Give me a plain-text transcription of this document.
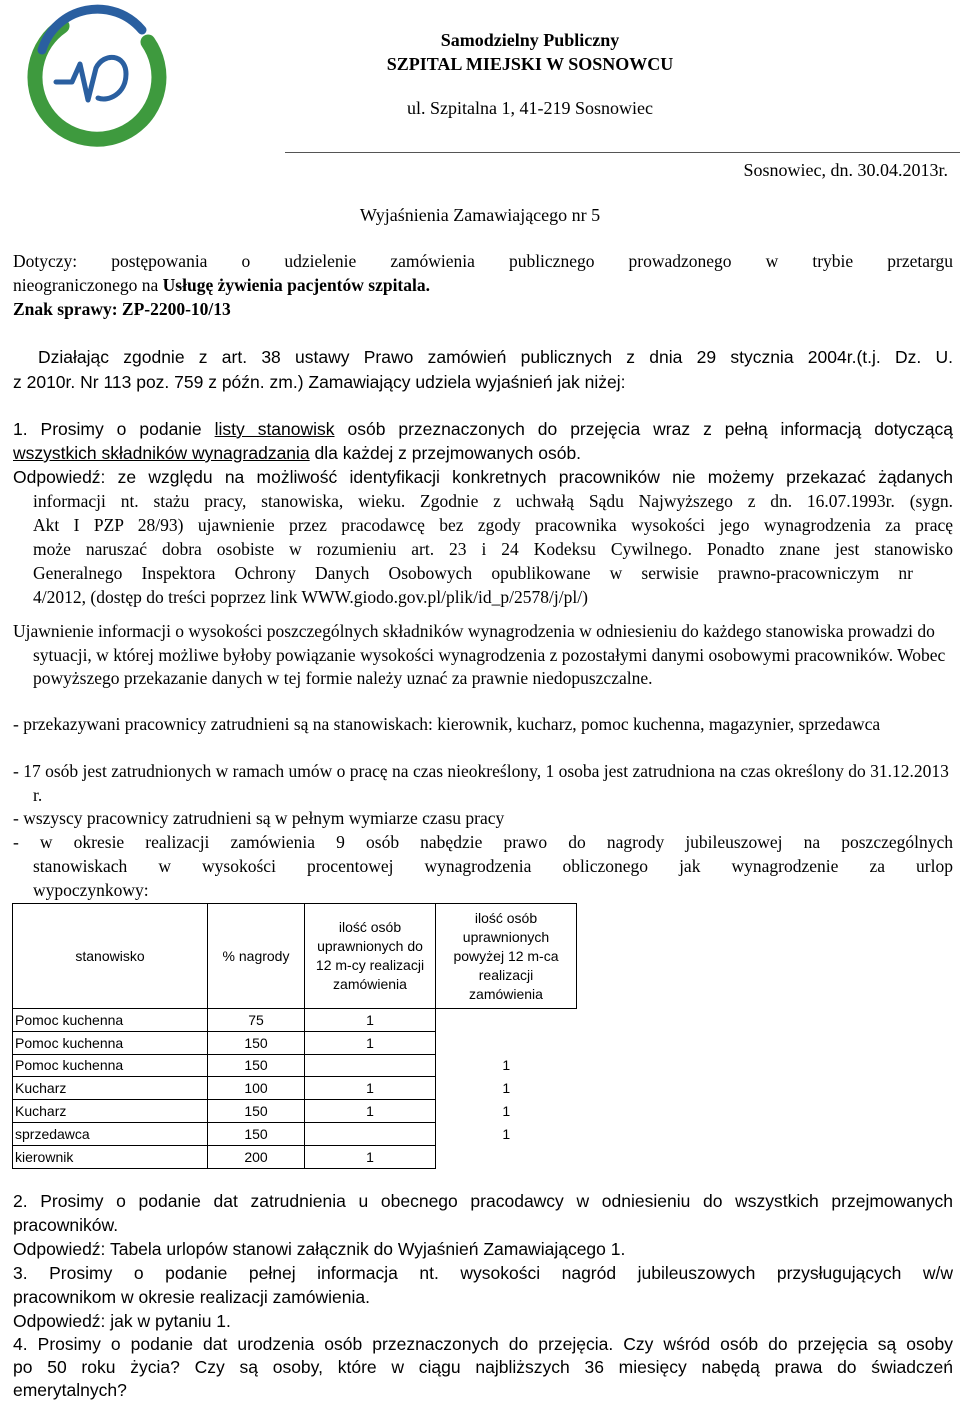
Samodzielny Publiczny
SZPITAL MIEJSKI W SOSNOWCU
ul. Szpitalna 1, 41-219 Sosnowiec
Sosnowiec, dn. 30.04.2013r.
Wyjaśnienia Zamawiającego nr 5
Dotyczy: postępowania o udzielenie zamówienia publicznego prowadzonego w trybie przetargu
nieograniczonego na Usługę żywienia pacjentów szpitala.
Znak sprawy: ZP-2200-10/13
Działając zgodnie z art. 38 ustawy Prawo zamówień publicznych z dnia 29 stycznia 2004r.(t.j. Dz. U.
z 2010r. Nr 113 poz. 759 z późn. zm.) Zamawiający udziela wyjaśnień jak niżej:
1. Prosimy o podanie listy stanowisk osób przeznaczonych do przejęcia wraz z pełną informacją dotyczącą
wszystkich składników wynagradzania dla każdej z przejmowanych osób.
Odpowiedź: ze względu na możliwość identyfikacji konkretnych pracowników nie możemy przekazać żądanych
informacji nt. stażu pracy, stanowiska, wieku. Zgodnie z uchwałą Sądu Najwyższego z dn. 16.07.1993r. (sygn.
Akt I PZP 28/93) ujawnienie przez pracodawcę bez zgody pracownika wysokości jego wynagrodzenia za pracę
może naruszać dobra osobiste w rozumieniu art. 23 i 24 Kodeksu Cywilnego. Ponadto znane jest stanowisko
Generalnego Inspektora Ochrony Danych Osobowych opublikowane w serwisie prawno-pracowniczym nr
4/2012, (dostęp do treści poprzez link WWW.giodo.gov.pl/plik/id_p/2578/j/pl/)
Ujawnienie informacji o wysokości poszczególnych składników wynagrodzenia w odniesieniu do każdego stanowiska prowadzi do sytuacji, w której możliwe byłoby powiązanie wysokości wynagrodzenia z pozostałymi danymi osobowymi pracowników. Wobec powyższego przekazanie danych w tej formie należy uznać za prawnie niedopuszczalne.
- przekazywani pracownicy zatrudnieni są na stanowiskach: kierownik, kucharz, pomoc kuchenna, magazynier, sprzedawca
- 17 osób jest zatrudnionych w ramach umów o pracę na czas nieokreślony, 1 osoba jest zatrudniona na czas określony do 31.12.2013 r.
- wszyscy pracownicy zatrudnieni są w pełnym wymiarze czasu pracy
- w okresie realizacji zamówienia 9 osób nabędzie prawo do nagrody jubileuszowej na poszczególnych
stanowiskach w wysokości procentowej wynagrodzenia obliczonego jak wynagrodzenie za urlop
wypoczynkowy:
stanowisko	% nagrody	ilość osób uprawnionych do 12 m-cy realizacji zamówienia	ilość osób uprawnionych powyżej 12 m-ca realizacji zamówienia
Pomoc kuchenna	75	1	
Pomoc kuchenna	150	1	
Pomoc kuchenna	150		1
Kucharz	100	1	1
Kucharz	150	1	1
sprzedawca	150		1
kierownik	200	1	
2. Prosimy o podanie dat zatrudnienia u obecnego pracodawcy w odniesieniu do wszystkich przejmowanych
pracowników.
Odpowiedź: Tabela urlopów stanowi załącznik do Wyjaśnień Zamawiającego 1.
3. Prosimy o podanie pełnej informacja nt. wysokości nagród jubileuszowych przysługujących w/w
pracownikom w okresie realizacji zamówienia.
Odpowiedź: jak w pytaniu 1.
4. Prosimy o podanie dat urodzenia osób przeznaczonych do przejęcia. Czy wśród osób do przejęcia są osoby
po 50 roku życia? Czy są osoby, które w ciągu najbliższych 36 miesięcy nabędą prawa do świadczeń
emerytalnych?
